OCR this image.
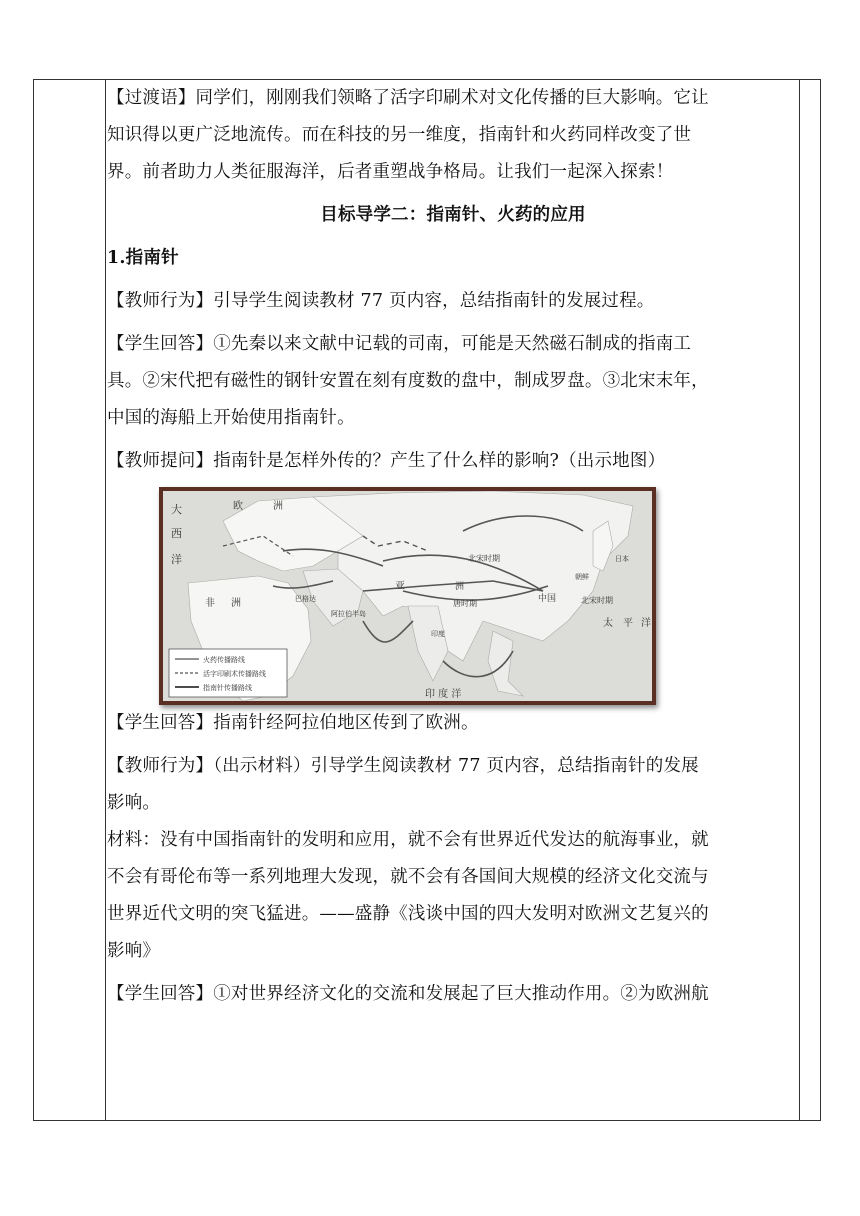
【过渡语】同学们，刚刚我们领略了活字印刷术对文化传播的巨大影响。它让

知识得以更广泛地流传。而在科技的另一维度，指南针和火药同样改变了世

界。前者助力人类征服海洋，后者重塑战争格局。让我们一起深入探索！

目标导学二：指南针、火药的应用

1.指南针

【教师行为】引导学生阅读教材 77 页内容，总结指南针的发展过程。

【学生回答】①先秦以来文献中记载的司南，可能是天然磁石制成的指南工

具。②宋代把有磁性的钢针安置在刻有度数的盘中，制成罗盘。③北宋末年，

中国的海船上开始使用指南针。

【教师提问】指南针是怎样外传的？产生了什么样的影响?（出示地图）

大
西
洋
欧	洲
非 洲
亚	洲
唐时期
北宋时期
北宋时期
中国
朝鲜
日本
阿拉伯半岛
印度
巴格达
太 平 洋
印 度 洋
火药传播路线
活字印刷术传播路线
指南针传播路线

【学生回答】指南针经阿拉伯地区传到了欧洲。

【教师行为】（出示材料）引导学生阅读教材 77 页内容，总结指南针的发展

影响。

材料：没有中国指南针的发明和应用，就不会有世界近代发达的航海事业，就

不会有哥伦布等一系列地理大发现，就不会有各国间大规模的经济文化交流与

世界近代文明的突飞猛进。——盛静《浅谈中国的四大发明对欧洲文艺复兴的

影响》

【学生回答】①对世界经济文化的交流和发展起了巨大推动作用。②为欧洲航
